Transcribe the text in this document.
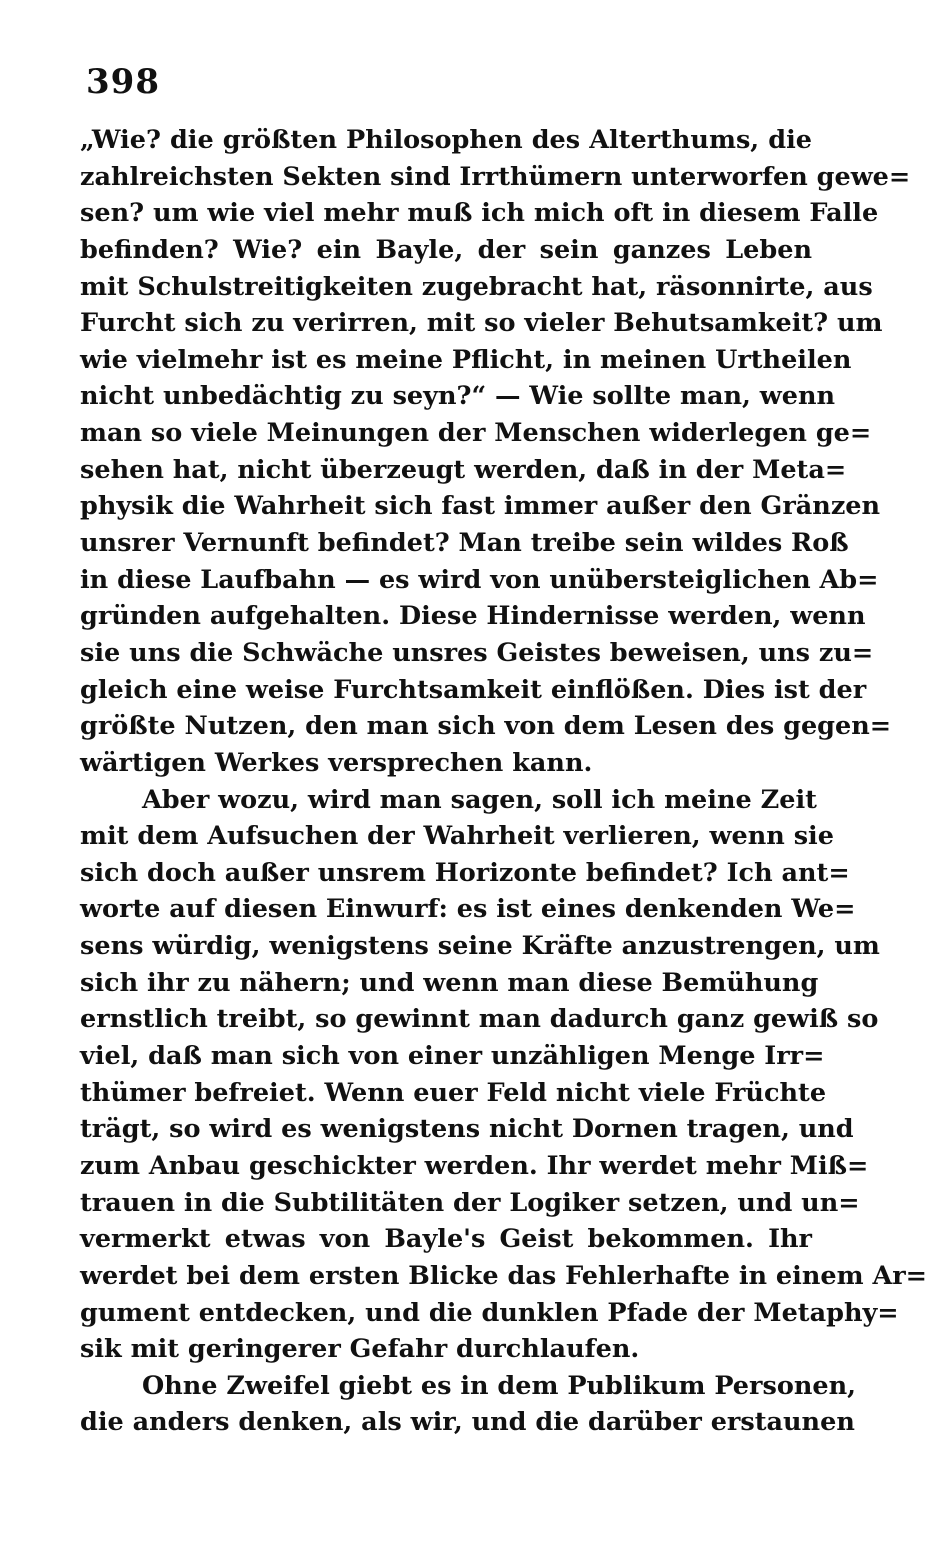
398
„Wie? die größten Philosophen des Alterthums, die
zahlreichsten Sekten sind Irrthümern unterworfen gewe=
sen? um wie viel mehr muß ich mich oft in diesem Falle
befinden? Wie? ein Bayle, der sein ganzes Leben
mit Schulstreitigkeiten zugebracht hat, räsonnirte, aus
Furcht sich zu verirren, mit so vieler Behutsamkeit? um
wie vielmehr ist es meine Pflicht, in meinen Urtheilen
nicht unbedächtig zu seyn?“ — Wie sollte man, wenn
man so viele Meinungen der Menschen widerlegen ge=
sehen hat, nicht überzeugt werden, daß in der Meta=
physik die Wahrheit sich fast immer außer den Gränzen
unsrer Vernunft befindet? Man treibe sein wildes Roß
in diese Laufbahn — es wird von unübersteiglichen Ab=
gründen aufgehalten. Diese Hindernisse werden, wenn
sie uns die Schwäche unsres Geistes beweisen, uns zu=
gleich eine weise Furchtsamkeit einflößen. Dies ist der
größte Nutzen, den man sich von dem Lesen des gegen=
wärtigen Werkes versprechen kann.
Aber wozu, wird man sagen, soll ich meine Zeit
mit dem Aufsuchen der Wahrheit verlieren, wenn sie
sich doch außer unsrem Horizonte befindet? Ich ant=
worte auf diesen Einwurf: es ist eines denkenden We=
sens würdig, wenigstens seine Kräfte anzustrengen, um
sich ihr zu nähern; und wenn man diese Bemühung
ernstlich treibt, so gewinnt man dadurch ganz gewiß so
viel, daß man sich von einer unzähligen Menge Irr=
thümer befreiet. Wenn euer Feld nicht viele Früchte
trägt, so wird es wenigstens nicht Dornen tragen, und
zum Anbau geschickter werden. Ihr werdet mehr Miß=
trauen in die Subtilitäten der Logiker setzen, und un=
vermerkt etwas von Bayle's Geist bekommen. Ihr
werdet bei dem ersten Blicke das Fehlerhafte in einem Ar=
gument entdecken, und die dunklen Pfade der Metaphy=
sik mit geringerer Gefahr durchlaufen.
Ohne Zweifel giebt es in dem Publikum Personen,
die anders denken, als wir, und die darüber erstaunen
